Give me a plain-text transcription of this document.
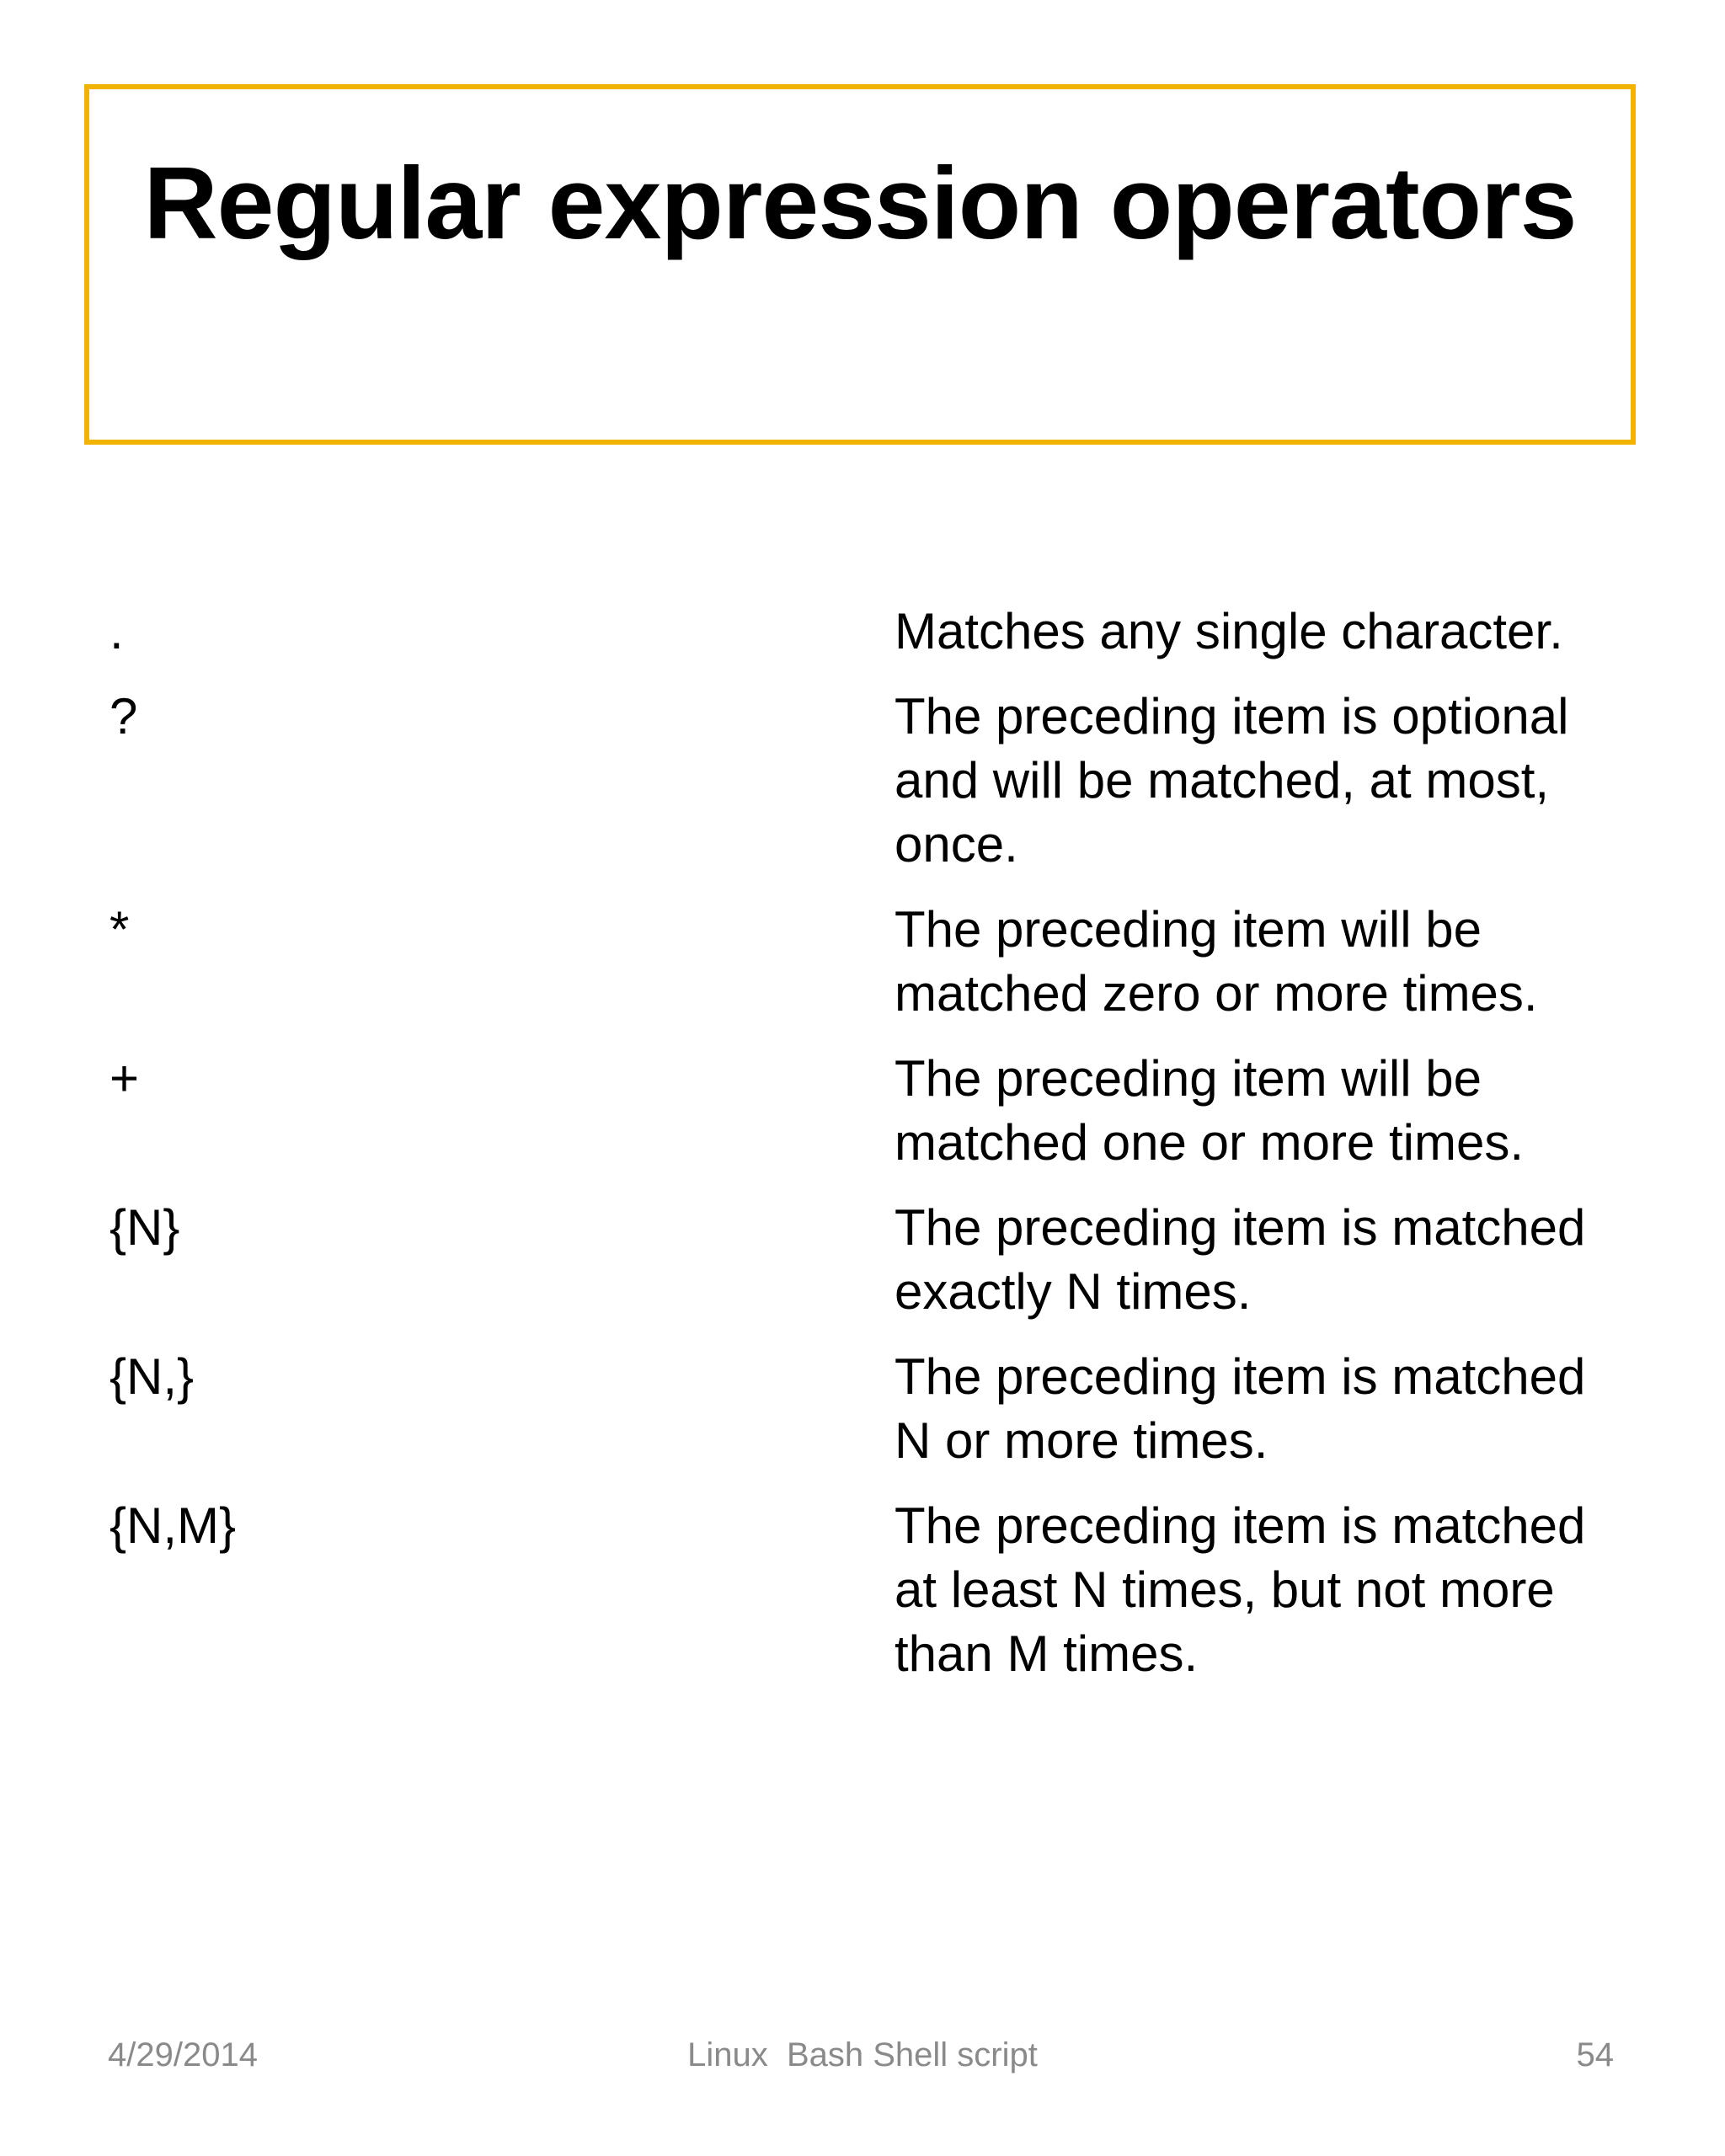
Regular expression operators
.	Matches any single character.
?	The preceding item is optional and will be matched, at most, once.
*	The preceding item will be matched zero or more times.
+	The preceding item will be matched one or more times.
{N}	The preceding item is matched exactly N times.
{N,}	The preceding item is matched N or more times.
{N,M}	The preceding item is matched at least N times, but not more than M times.
4/29/2014	Linux  Bash Shell script	54
